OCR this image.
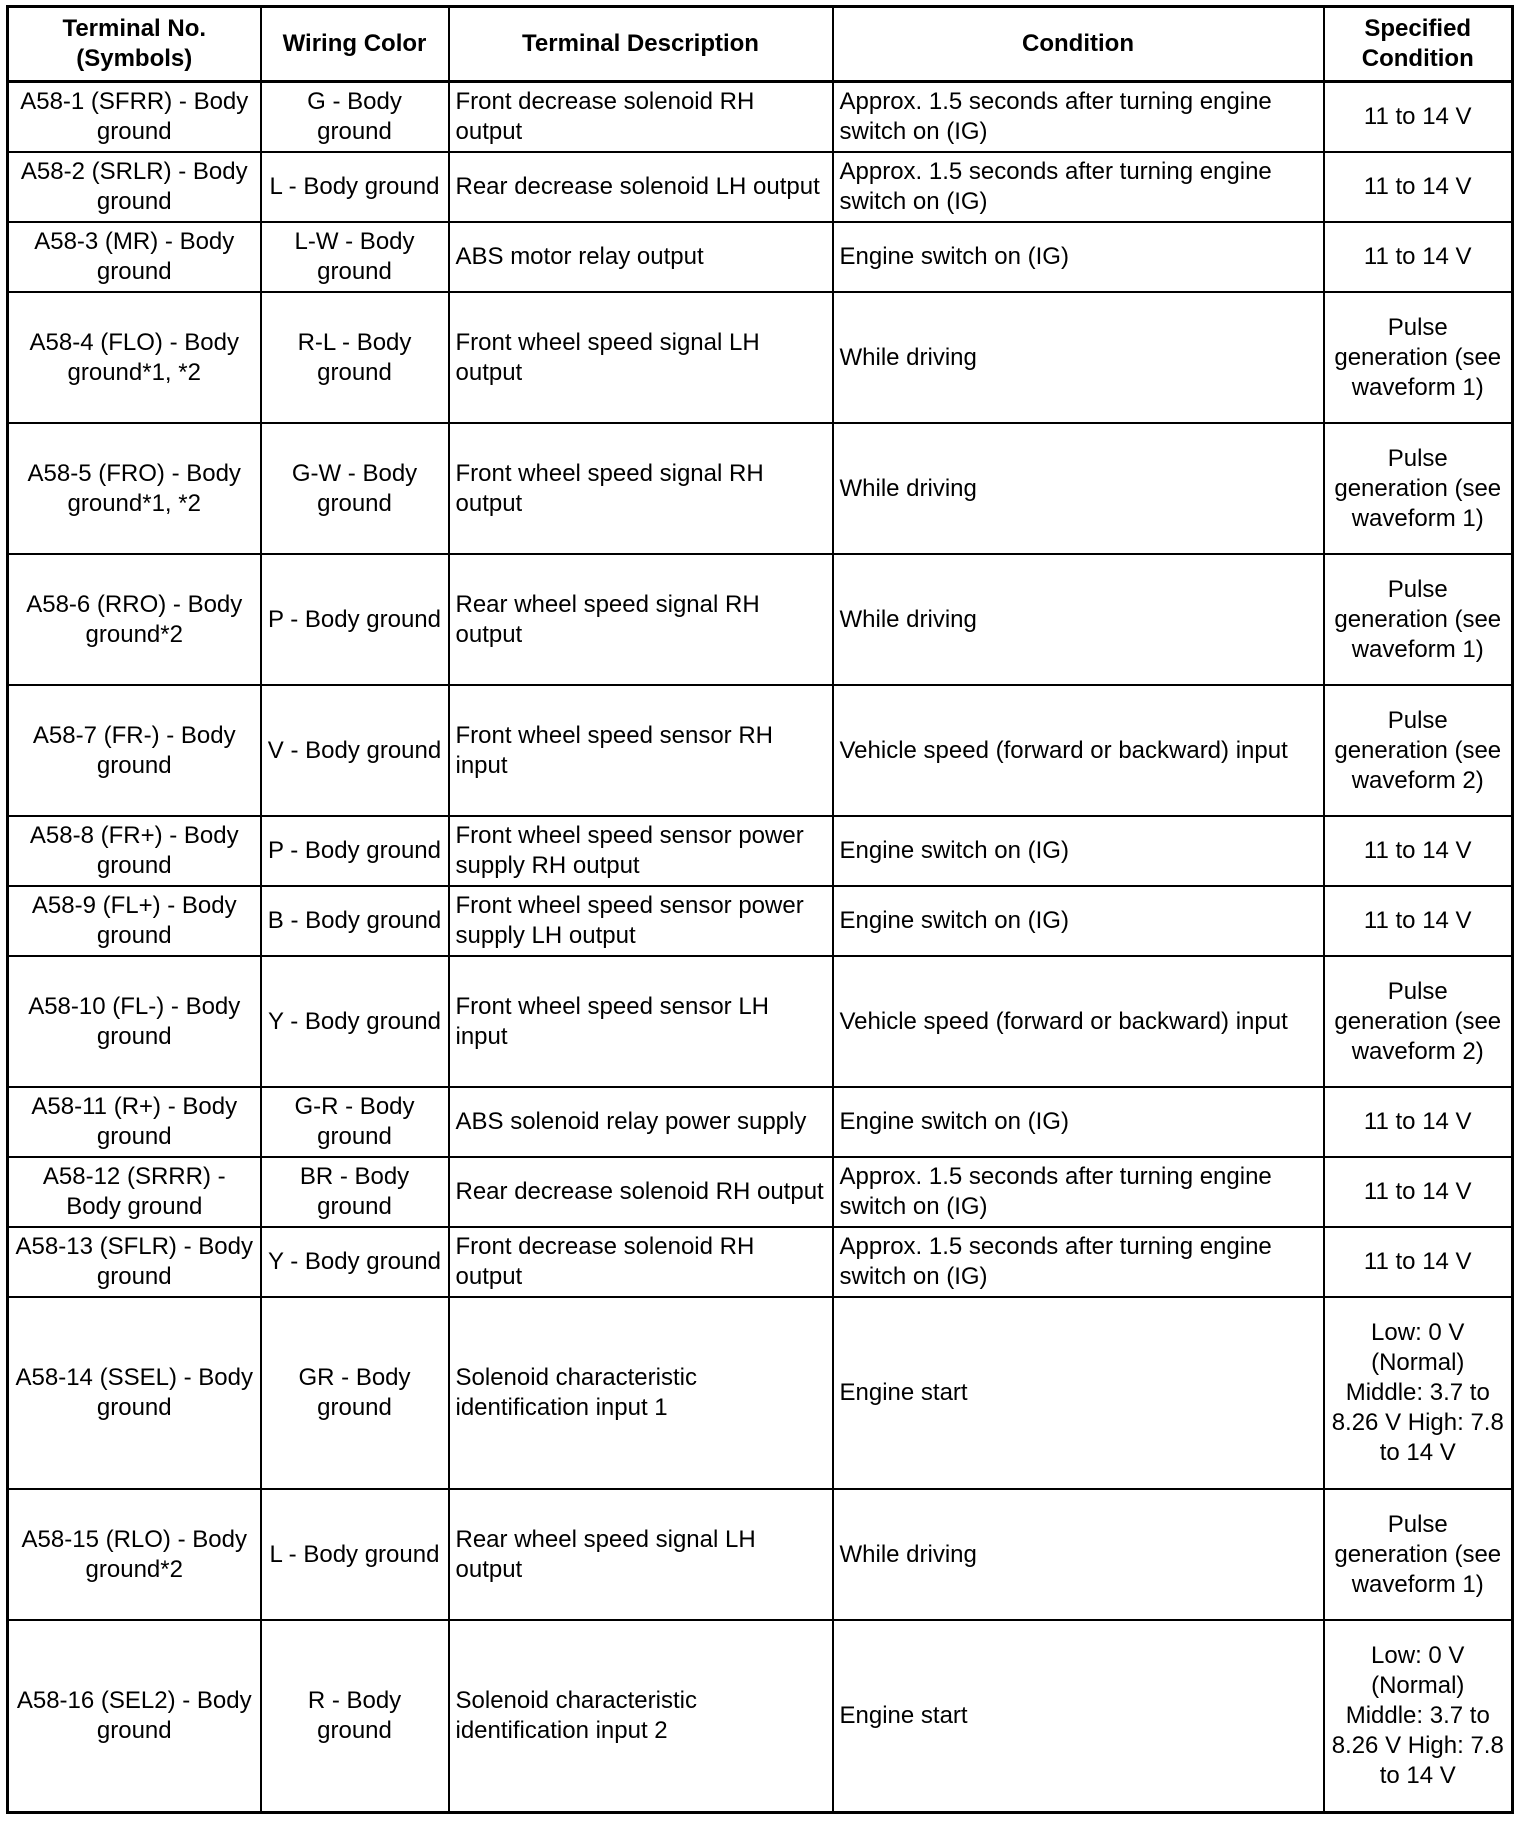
Terminal No. (Symbols)	Wiring Color	Terminal Description	Condition	Specified Condition
A58-1 (SFRR) - Body ground	G - Body ground	Front decrease solenoid RH output	Approx. 1.5 seconds after turning engine switch on (IG)	11 to 14 V
A58-2 (SRLR) - Body ground	L - Body ground	Rear decrease solenoid LH output	Approx. 1.5 seconds after turning engine switch on (IG)	11 to 14 V
A58-3 (MR) - Body ground	L-W - Body ground	ABS motor relay output	Engine switch on (IG)	11 to 14 V
A58-4 (FLO) - Body ground*1, *2	R-L - Body ground	Front wheel speed signal LH output	While driving	Pulse generation (see waveform 1)
A58-5 (FRO) - Body ground*1, *2	G-W - Body ground	Front wheel speed signal RH output	While driving	Pulse generation (see waveform 1)
A58-6 (RRO) - Body ground*2	P - Body ground	Rear wheel speed signal RH output	While driving	Pulse generation (see waveform 1)
A58-7 (FR-) - Body ground	V - Body ground	Front wheel speed sensor RH input	Vehicle speed (forward or backward) input	Pulse generation (see waveform 2)
A58-8 (FR+) - Body ground	P - Body ground	Front wheel speed sensor power supply RH output	Engine switch on (IG)	11 to 14 V
A58-9 (FL+) - Body ground	B - Body ground	Front wheel speed sensor power supply LH output	Engine switch on (IG)	11 to 14 V
A58-10 (FL-) - Body ground	Y - Body ground	Front wheel speed sensor LH input	Vehicle speed (forward or backward) input	Pulse generation (see waveform 2)
A58-11 (R+) - Body ground	G-R - Body ground	ABS solenoid relay power supply	Engine switch on (IG)	11 to 14 V
A58-12 (SRRR) - Body ground	BR - Body ground	Rear decrease solenoid RH output	Approx. 1.5 seconds after turning engine switch on (IG)	11 to 14 V
A58-13 (SFLR) - Body ground	Y - Body ground	Front decrease solenoid RH output	Approx. 1.5 seconds after turning engine switch on (IG)	11 to 14 V
A58-14 (SSEL) - Body ground	GR - Body ground	Solenoid characteristic identification input 1	Engine start	Low: 0 V (Normal) Middle: 3.7 to 8.26 V High: 7.8 to 14 V
A58-15 (RLO) - Body ground*2	L - Body ground	Rear wheel speed signal LH output	While driving	Pulse generation (see waveform 1)
A58-16 (SEL2) - Body ground	R - Body ground	Solenoid characteristic identification input 2	Engine start	Low: 0 V (Normal) Middle: 3.7 to 8.26 V High: 7.8 to 14 V
